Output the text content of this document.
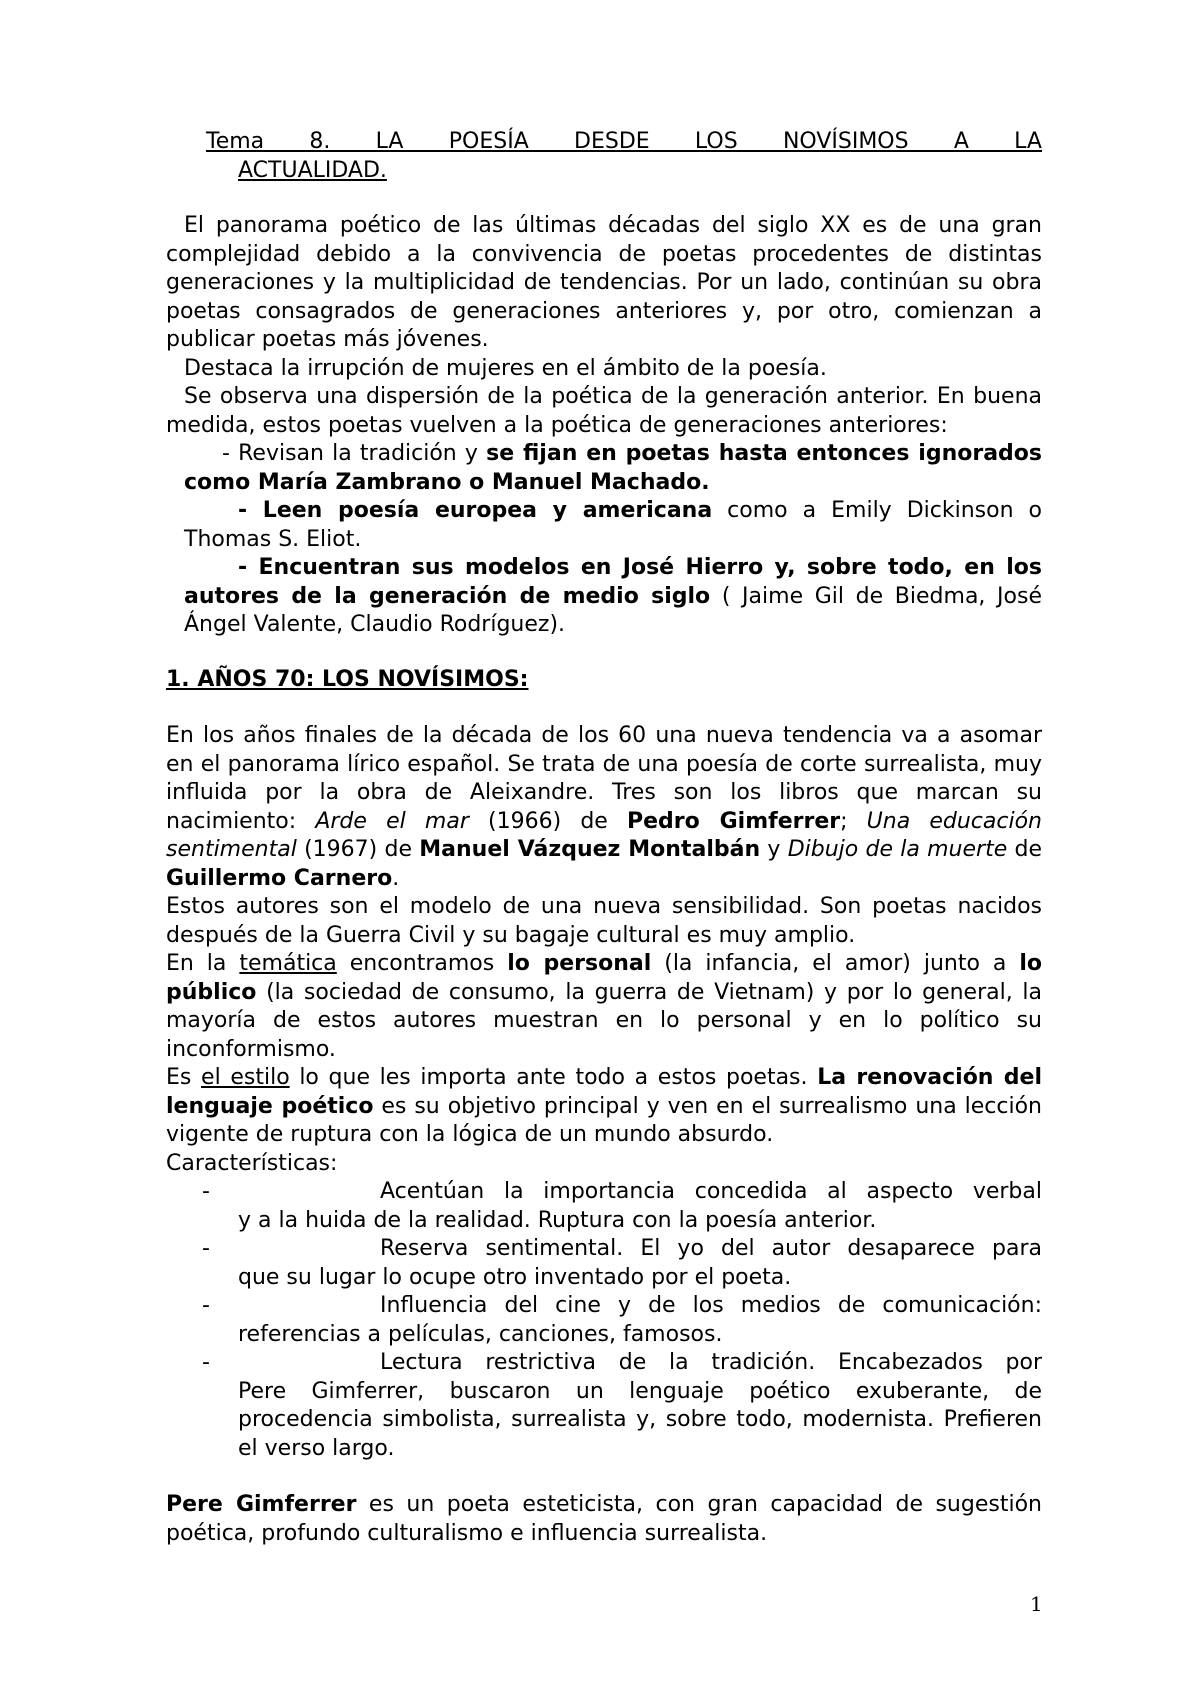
Tema 8. LA POESÍA DESDE LOS NOVÍSIMOS A LA

ACTUALIDAD.

El panorama poético de las últimas décadas del siglo XX es de una gran complejidad debido a la convivencia de poetas procedentes de distintas generaciones y la multiplicidad de tendencias. Por un lado, continúan su obra poetas consagrados de generaciones anteriores y, por otro, comienzan a publicar poetas más jóvenes.

Destaca la irrupción de mujeres en el ámbito de la poesía.

Se observa una dispersión de la poética de la generación anterior. En buena medida, estos poetas vuelven a la poética de generaciones anteriores:

- Revisan la tradición y se fijan en poetas hasta entonces ignorados como María Zambrano o Manuel Machado.

- Leen poesía europea y americana como a Emily Dickinson o Thomas S. Eliot.

- Encuentran sus modelos en José Hierro y, sobre todo, en los autores de la generación de medio siglo ( Jaime Gil de Biedma, José Ángel Valente, Claudio Rodríguez).

1. AÑOS 70: LOS NOVÍSIMOS:

En los años finales de la década de los 60 una nueva tendencia va a asomar en el panorama lírico español. Se trata de una poesía de corte surrealista, muy influida por la obra de Aleixandre. Tres son los libros que marcan su nacimiento: Arde el mar (1966) de Pedro Gimferrer; Una educación sentimental (1967) de Manuel Vázquez Montalbán y Dibujo de la muerte de Guillermo Carnero.

Estos autores son el modelo de una nueva sensibilidad. Son poetas nacidos después de la Guerra Civil y su bagaje cultural es muy amplio.

En la temática encontramos lo personal (la infancia, el amor) junto a lo público (la sociedad de consumo, la guerra de Vietnam) y por lo general, la mayoría de estos autores muestran en lo personal y en lo político su inconformismo.

Es el estilo lo que les importa ante todo a estos poetas. La renovación del lenguaje poético es su objetivo principal y ven en el surrealismo una lección vigente de ruptura con la lógica de un mundo absurdo.

Características:

-	Acentúan la importancia concedida al aspecto verbal
y a la huida de la realidad. Ruptura con la poesía anterior.
-	Reserva sentimental. El yo del autor desaparece para
que su lugar lo ocupe otro inventado por el poeta.
-	Influencia del cine y de los medios de comunicación:
referencias a películas, canciones, famosos.
-	Lectura restrictiva de la tradición. Encabezados por
Pere Gimferrer, buscaron un lenguaje poético exuberante, de procedencia simbolista, surrealista y, sobre todo, modernista. Prefieren el verso largo.

Pere Gimferrer es un poeta esteticista, con gran capacidad de sugestión poética, profundo culturalismo e influencia surrealista.

1
